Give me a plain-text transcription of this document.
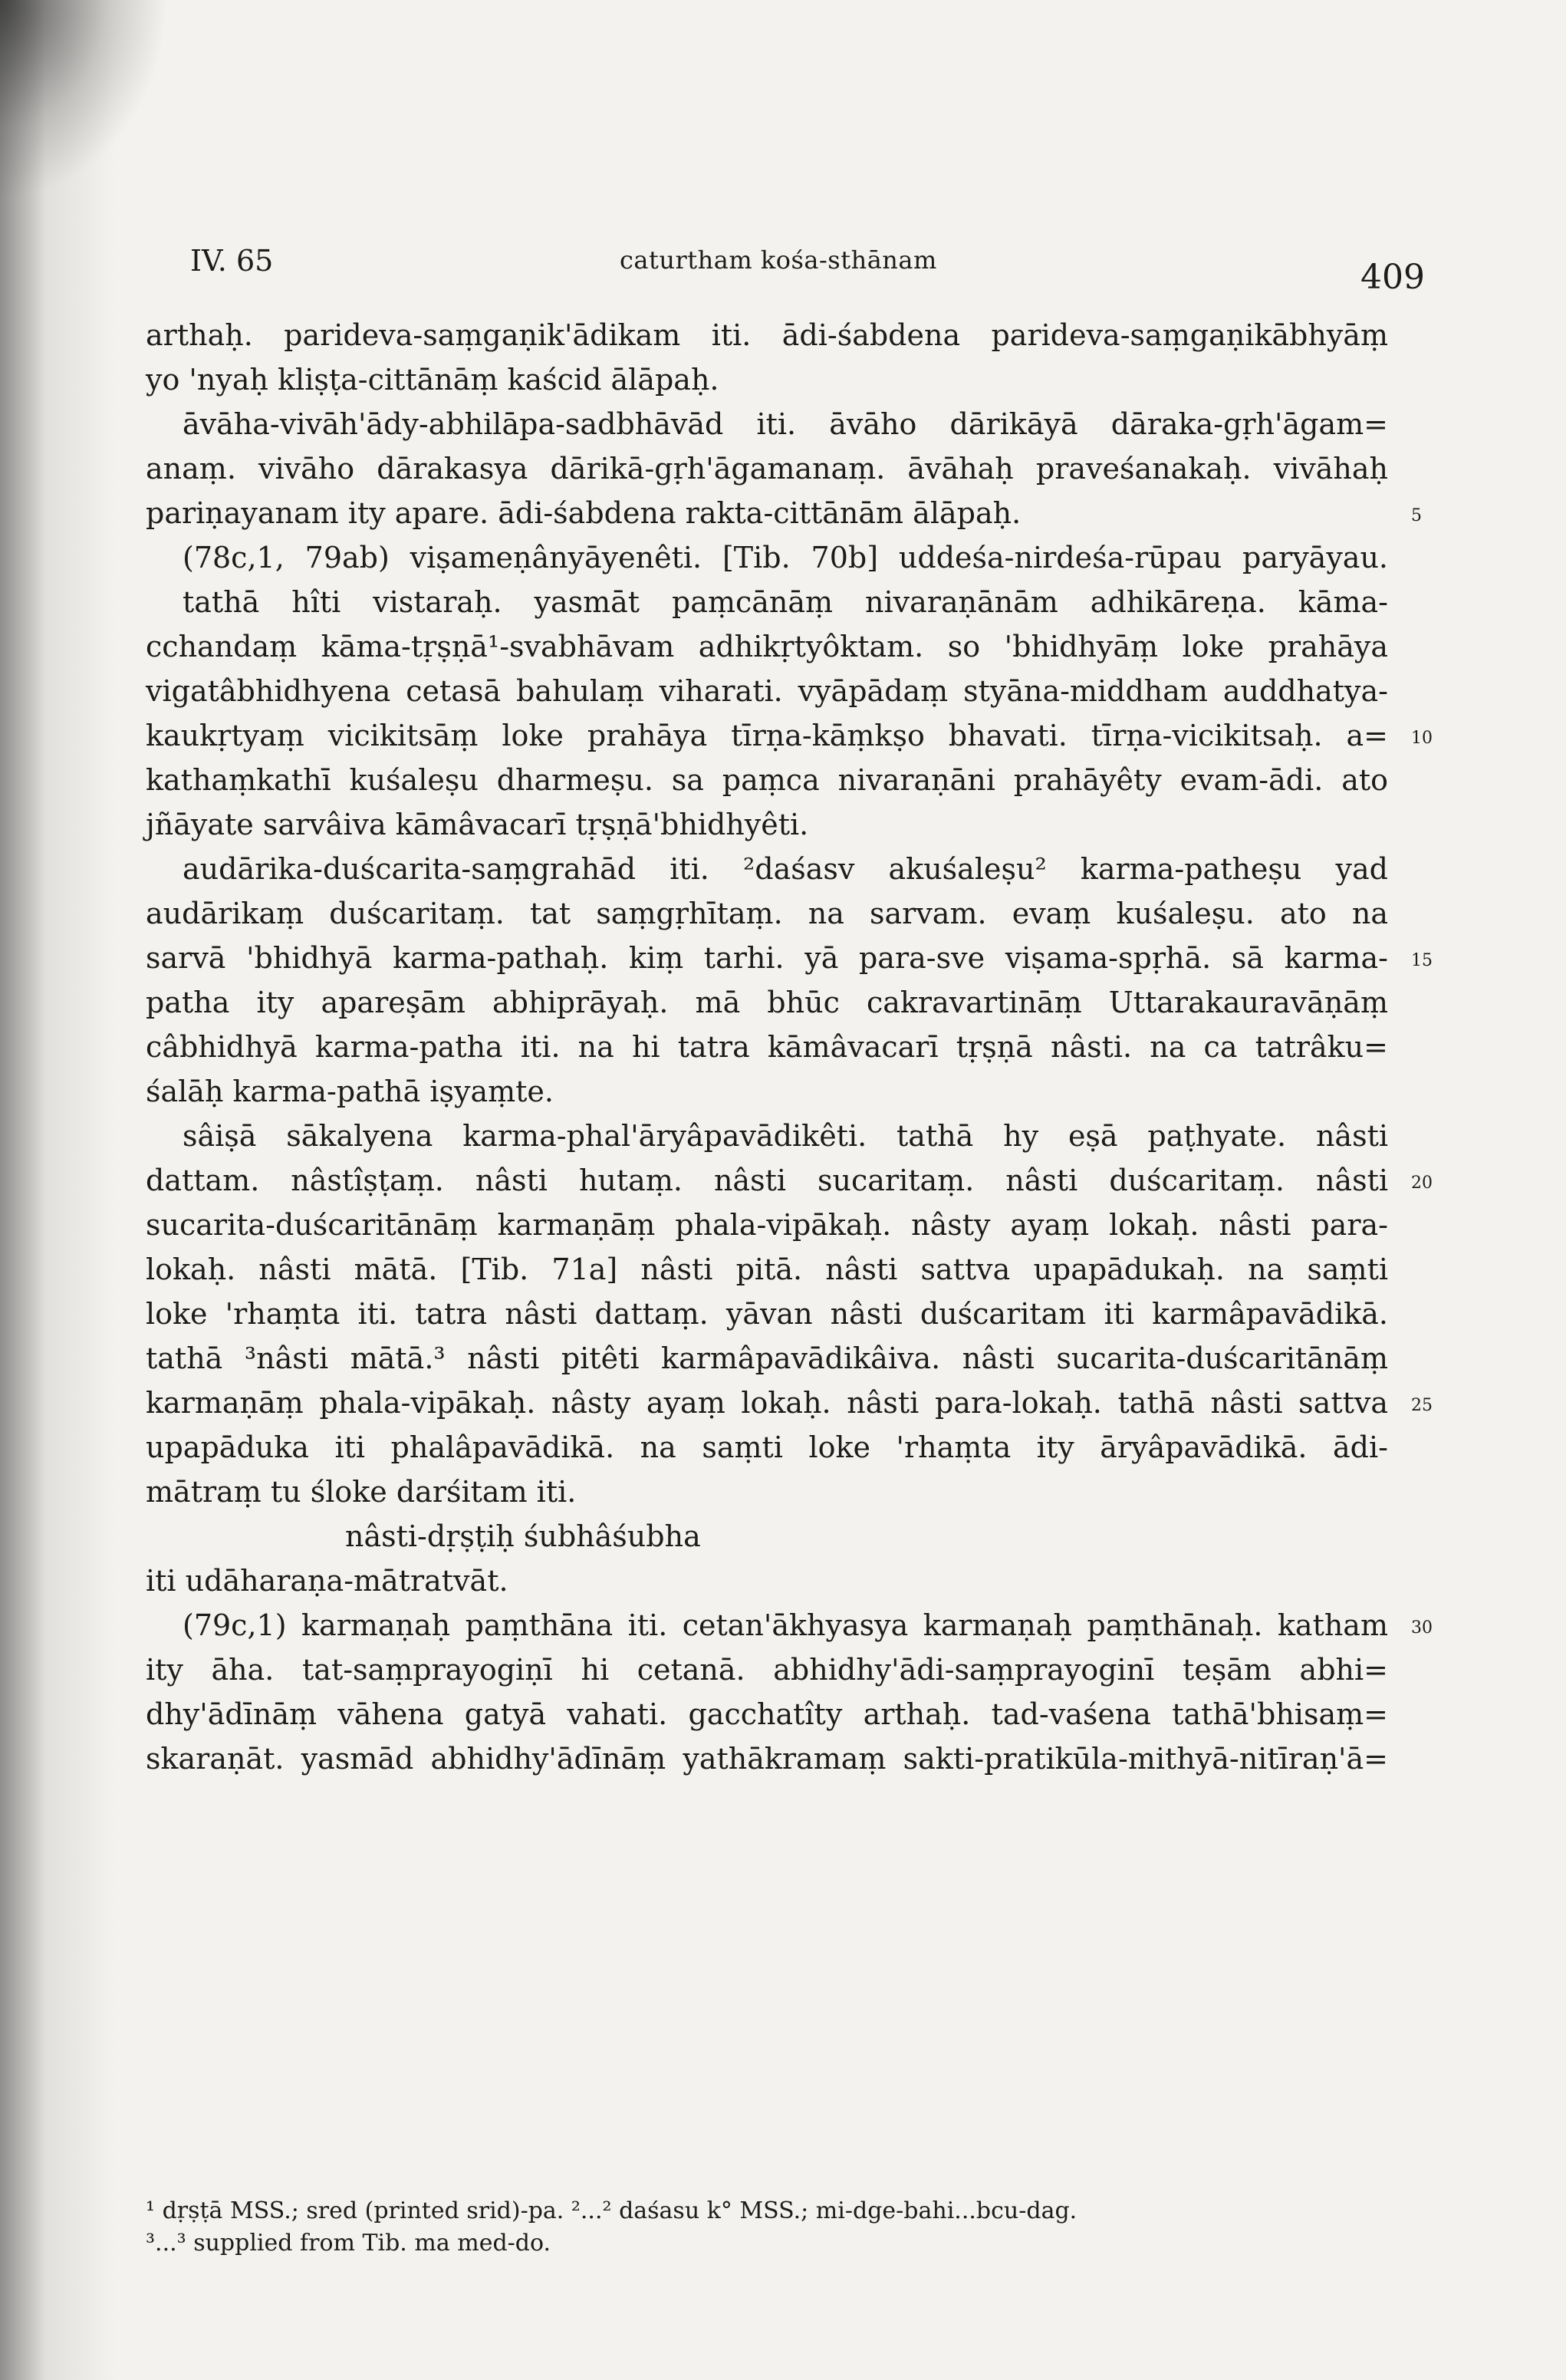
IV. 65	caturtham kośa-sthānam	409
arthaḥ. parideva-saṃgaṇik'ādikam iti. ādi-śabdena parideva-saṃgaṇikābhyāṃ
yo 'nyaḥ kliṣṭa-cittānāṃ kaścid ālāpaḥ.
āvāha-vivāh'ādy-abhilāpa-sadbhāvād iti. āvāho dārikāyā dāraka-gṛh'āgam=
anaṃ. vivāho dārakasya dārikā-gṛh'āgamanaṃ. āvāhaḥ praveśanakaḥ. vivāhaḥ
pariṇayanam ity apare. ādi-śabdena rakta-cittānām ālāpaḥ.
(78c,1, 79ab) viṣameṇânyāyenêti. [Tib. 70b] uddeśa-nirdeśa-rūpau paryāyau.
tathā hîti vistaraḥ. yasmāt paṃcānāṃ nivaraṇānām adhikāreṇa. kāma-
cchandaṃ kāma-tṛṣṇā¹-svabhāvam adhikṛtyôktam. so 'bhidhyāṃ loke prahāya
vigatâbhidhyena cetasā bahulaṃ viharati. vyāpādaṃ styāna-middham auddhatya-
kaukṛtyaṃ vicikitsāṃ loke prahāya tīrṇa-kāṃkṣo bhavati. tīrṇa-vicikitsaḥ. a=
kathaṃkathī kuśaleṣu dharmeṣu. sa paṃca nivaraṇāni prahāyêty evam-ādi. ato
jñāyate sarvâiva kāmâvacarī tṛṣṇā'bhidhyêti.
audārika-duścarita-saṃgrahād iti. ²daśasv akuśaleṣu² karma-patheṣu yad
audārikaṃ duścaritaṃ. tat saṃgṛhītaṃ. na sarvam. evaṃ kuśaleṣu. ato na
sarvā 'bhidhyā karma-pathaḥ. kiṃ tarhi. yā para-sve viṣama-spṛhā. sā karma-
patha ity apareṣām abhiprāyaḥ. mā bhūc cakravartināṃ Uttarakauravāṇāṃ
câbhidhyā karma-patha iti. na hi tatra kāmâvacarī tṛṣṇā nâsti. na ca tatrâku=
śalāḥ karma-pathā iṣyaṃte.
sâiṣā sākalyena karma-phal'āryâpavādikêti. tathā hy eṣā paṭhyate. nâsti
dattam. nâstîṣṭaṃ. nâsti hutaṃ. nâsti sucaritaṃ. nâsti duścaritaṃ. nâsti
sucarita-duścaritānāṃ karmaṇāṃ phala-vipākaḥ. nâsty ayaṃ lokaḥ. nâsti para-
lokaḥ. nâsti mātā. [Tib. 71a] nâsti pitā. nâsti sattva upapādukaḥ. na saṃti
loke 'rhaṃta iti. tatra nâsti dattaṃ. yāvan nâsti duścaritam iti karmâpavādikā.
tathā ³nâsti mātā.³ nâsti pitêti karmâpavādikâiva. nâsti sucarita-duścaritānāṃ
karmaṇāṃ phala-vipākaḥ. nâsty ayaṃ lokaḥ. nâsti para-lokaḥ. tathā nâsti sattva
upapāduka iti phalâpavādikā. na saṃti loke 'rhaṃta ity āryâpavādikā. ādi-
mātraṃ tu śloke darśitam iti.
nâsti-dṛṣṭiḥ śubhâśubha
iti udāharaṇa-mātratvāt.
(79c,1) karmaṇaḥ paṃthāna iti. cetan'ākhyasya karmaṇaḥ paṃthānaḥ. katham
ity āha. tat-saṃprayogiṇī hi cetanā. abhidhy'ādi-saṃprayoginī teṣām abhi=
dhy'ādīnāṃ vāhena gatyā vahati. gacchatîty arthaḥ. tad-vaśena tathā'bhisaṃ=
skaraṇāt. yasmād abhidhy'ādīnāṃ yathākramaṃ sakti-pratikūla-mithyā-nitīraṇ'ā=
5
10
15
20
25
30
¹ dṛṣṭā MSS.; sred (printed srid)-pa. ²...² daśasu k° MSS.; mi-dge-bahi...bcu-dag.
³...³ supplied from Tib. ma med-do.
